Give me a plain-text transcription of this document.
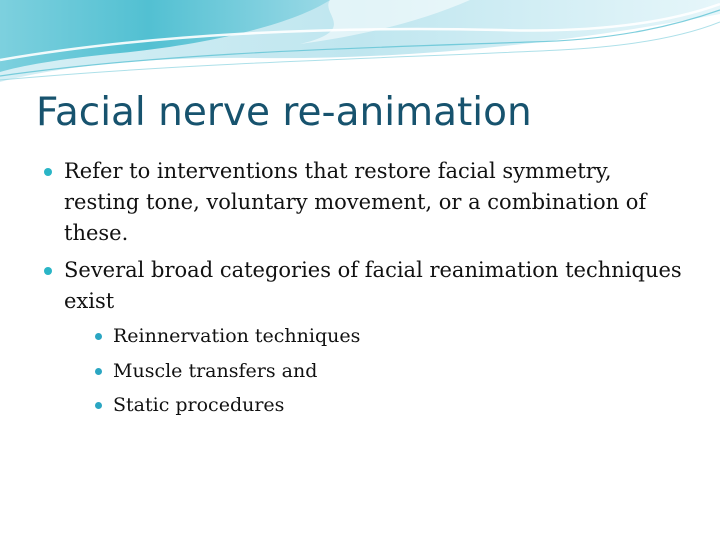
Facial nerve re-animation
Refer to interventions that restore facial symmetry, resting tone, voluntary movement, or a combination of these.
Several broad categories of facial reanimation techniques exist
Reinnervation techniques
Muscle transfers and
Static procedures
